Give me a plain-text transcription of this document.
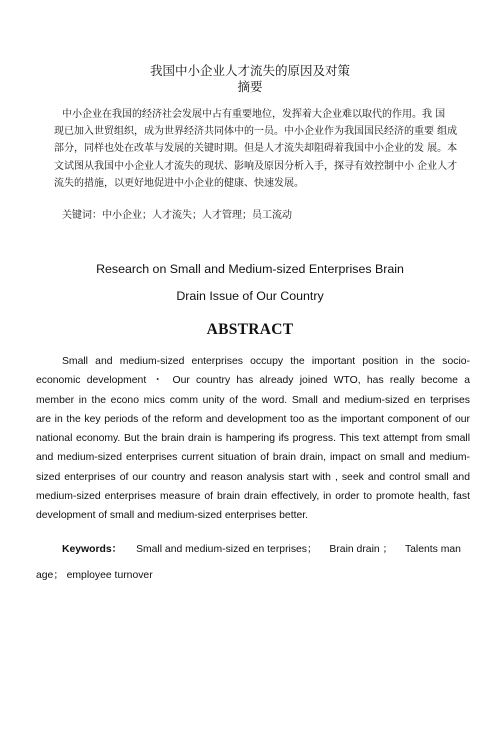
我国中小企业人才流失的原因及对策
摘要
中小企业在我国的经济社会发展中占有重要地位，发挥着大企业难以取代的作用。我 国
现已加入世贸组织，成为世界经济共同体中的一员。中小企业作为我国国民经济的重要 组成
部分，同样也处在改革与发展的关键时期。但是人才流失却阻碍着我国中小企业的发 展。本
文试图从我国中小企业人才流失的现状、影响及原因分析入手，探寻有效控制中小 企业人才
流失的措施，以更好地促进中小企业的健康、快速发展。
关键词：中小企业；人才流失；人才管理；员工流动
Research on Small and Medium-sized Enterprises Brain
Drain Issue of Our Country
ABSTRACT
Small and medium-sized enterprises occupy the important position in the socio-
economic development ・ Our country has already joined WTO, has really become a
member in the econo mics comm unity of the word. Small and medium-sized en terprises
are in the key periods of the reform and development too as the important component of our
national economy. But the brain drain is hampering ifs progress. This text attempt from small
and medium-sized enterprises current situation of brain drain, impact on small and medium-
sized enterprises of our country and reason analysis start with , seek and control small and
medium-sized enterprises measure of brain drain effectively, in order to promote health, fast
development of small and medium-sized enterprises better.
Keywords： Small and medium-sized en terprises； Brain drain ； Talents man
age； employee turnover
